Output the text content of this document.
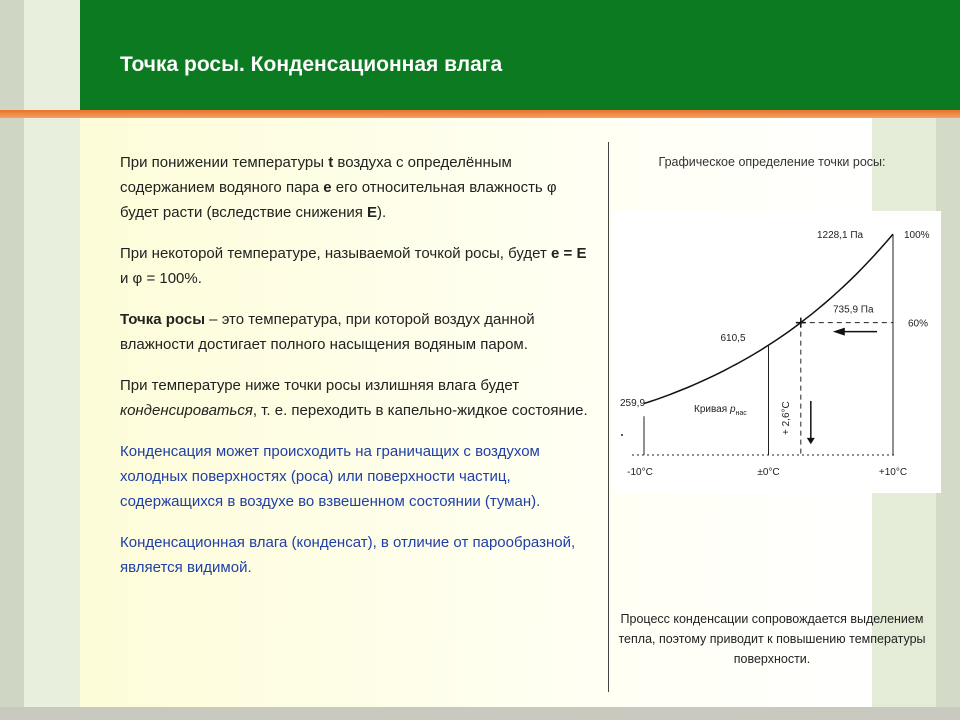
Точка росы. Конденсационная влага

При понижении температуры t воздуха с определённым содержанием водяного пара e его относительная влажность φ будет расти (вследствие снижения E).

При некоторой температуре, называемой точкой росы, будет e = E и φ = 100%.

Точка росы – это температура, при которой воздух данной влажности достигает полного насыщения водяным паром.

При температуре ниже точки росы излишняя влага будет конденсироваться, т. е. переходить в капельно-жидкое состояние.

Конденсация может происходить на граничащих с воздухом холодных поверхностях (роса) или поверхности частиц, содержащихся в воздухе во взвешенном состоянии (туман).

Конденсационная влага (конденсат), в отличие от парообразной, является видимой.

Графическое определение точки росы:
259,9
610,5
1228,1 Па
735,9 Па
100%
60%
Кривая $p_{нас}$	+ 2,6°C
-10°C	±0°C	+10°C
Процесс конденсации сопровождается выделением тепла, поэтому приводит к повышению температуры поверхности.
